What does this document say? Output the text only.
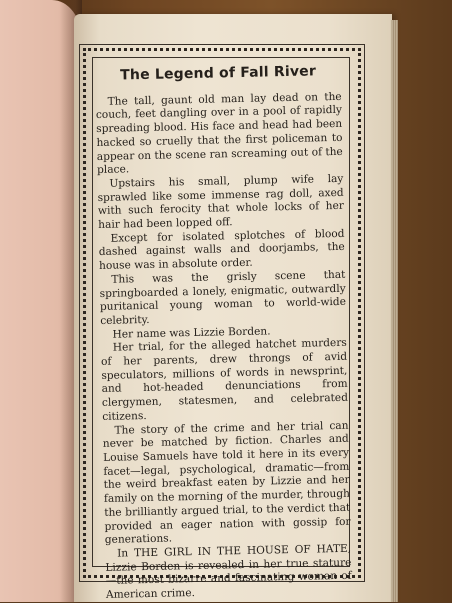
The Legend of Fall River

The tall, gaunt old man lay dead on the couch, feet dangling over in a pool of rapidly spreading blood. His face and head had been hacked so cruelly that the first policeman to appear on the scene ran screaming out of the place.

Upstairs his small, plump wife lay sprawled like some immense rag doll, axed with such ferocity that whole locks of her hair had been lopped off.

Except for isolated splotches of blood dashed against walls and doorjambs, the house was in absolute order.

This was the grisly scene that springboarded a lonely, enigmatic, outwardly puritanical young woman to world-wide celebrity.

Her name was Lizzie Borden.

Her trial, for the alleged hatchet murders of her parents, drew throngs of avid speculators, millions of words in newsprint, and hot-headed denunciations from clergymen, statesmen, and celebrated citizens.

The story of the crime and her trial can never be matched by fiction. Charles and Louise Samuels have told it here in its every facet—legal, psychological, dramatic—from the weird breakfast eaten by Lizzie and her family on the morning of the murder, through the brilliantly argued trial, to the verdict that provided an eager nation with gossip for generations.

In THE GIRL IN THE HOUSE OF HATE, Lizzie Borden is revealed in her true stature—the most bizarre and fascinating woman of American crime.
